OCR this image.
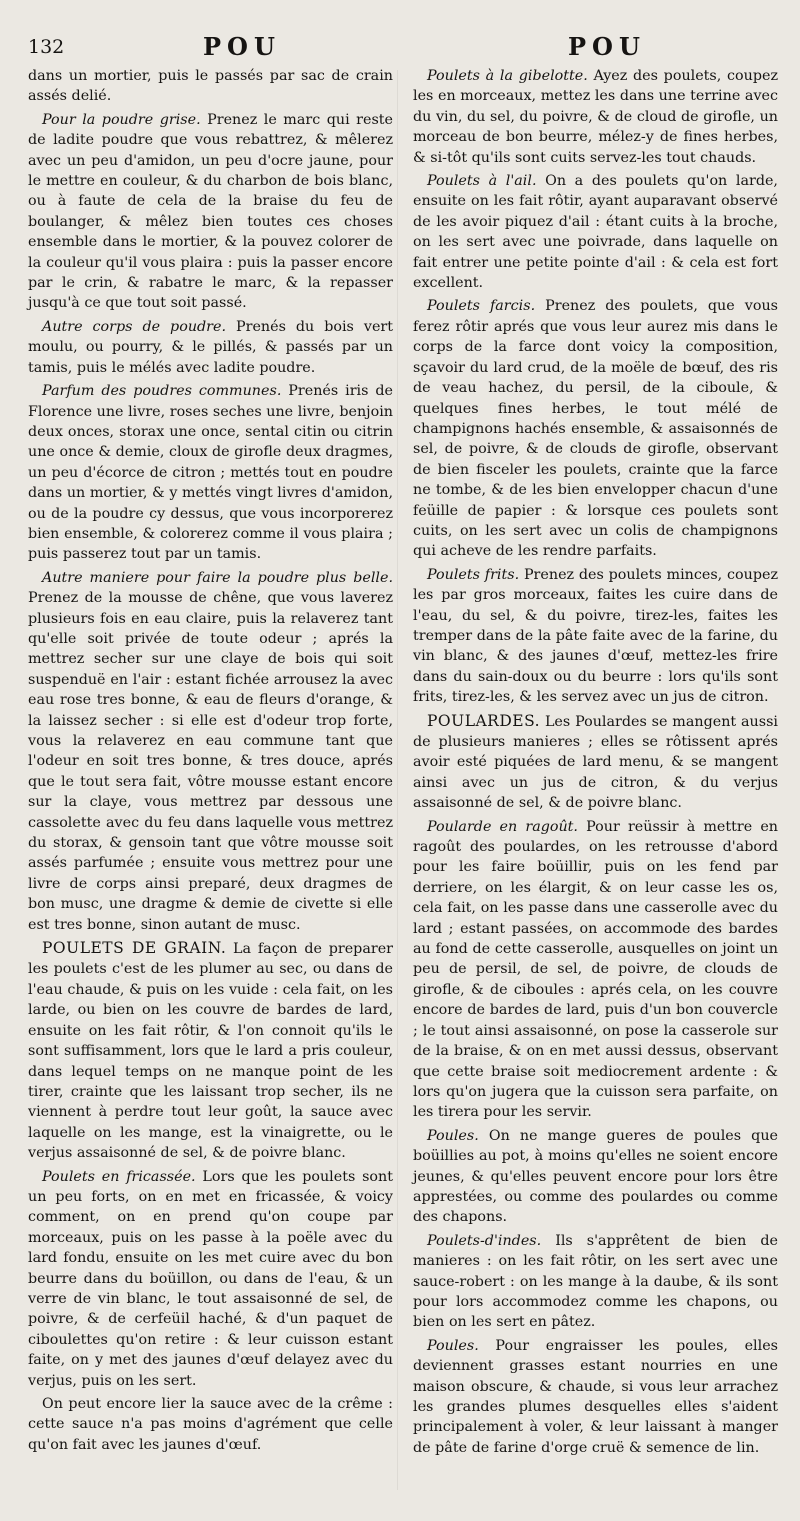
132	POU	POU

dans un mortier, puis le passés par sac de crain assés delié.

Pour la poudre grise. Prenez le marc qui reste de ladite poudre que vous rebattrez, & mêlerez avec un peu d'amidon, un peu d'ocre jaune, pour le mettre en couleur, & du charbon de bois blanc, ou à faute de cela de la braise du feu de boulanger, & mêlez bien toutes ces choses ensemble dans le mortier, & la pouvez colorer de la couleur qu'il vous plaira : puis la passer encore par le crin, & rabatre le marc, & la repasser jusqu'à ce que tout soit passé.

Autre corps de poudre. Prenés du bois vert moulu, ou pourry, & le pillés, & passés par un tamis, puis le mélés avec ladite poudre.

Parfum des poudres communes. Prenés iris de Florence une livre, roses seches une livre, benjoin deux onces, storax une once, sental citin ou citrin une once & demie, cloux de girofle deux dragmes, un peu d'écorce de citron ; mettés tout en poudre dans un mortier, & y mettés vingt livres d'amidon, ou de la poudre cy dessus, que vous incorporerez bien ensemble, & colorerez comme il vous plaira ; puis passerez tout par un tamis.

Autre maniere pour faire la poudre plus belle. Prenez de la mousse de chêne, que vous laverez plusieurs fois en eau claire, puis la relaverez tant qu'elle soit privée de toute odeur ; aprés la mettrez secher sur une claye de bois qui soit suspenduë en l'air : estant fichée arrousez la avec eau rose tres bonne, & eau de fleurs d'orange, & la laissez secher : si elle est d'odeur trop forte, vous la relaverez en eau commune tant que l'odeur en soit tres bonne, & tres douce, aprés que le tout sera fait, vôtre mousse estant encore sur la claye, vous mettrez par dessous une cassolette avec du feu dans laquelle vous mettrez du storax, & gensoin tant que vôtre mousse soit assés parfumée ; ensuite vous mettrez pour une livre de corps ainsi preparé, deux dragmes de bon musc, une dragme & demie de civette si elle est tres bonne, sinon autant de musc.

POULETS DE GRAIN. La façon de preparer les poulets c'est de les plumer au sec, ou dans de l'eau chaude, & puis on les vuide : cela fait, on les larde, ou bien on les couvre de bardes de lard, ensuite on les fait rôtir, & l'on connoit qu'ils le sont suffisamment, lors que le lard a pris couleur, dans lequel temps on ne manque point de les tirer, crainte que les laissant trop secher, ils ne viennent à perdre tout leur goût, la sauce avec laquelle on les mange, est la vinaigrette, ou le verjus assaisonné de sel, & de poivre blanc.

Poulets en fricassée. Lors que les poulets sont un peu forts, on en met en fricassée, & voicy comment, on en prend qu'on coupe par morceaux, puis on les passe à la poële avec du lard fondu, ensuite on les met cuire avec du bon beurre dans du boüillon, ou dans de l'eau, & un verre de vin blanc, le tout assaisonné de sel, de poivre, & de cerfeüil haché, & d'un paquet de ciboulettes qu'on retire : & leur cuisson estant faite, on y met des jaunes d'œuf delayez avec du verjus, puis on les sert.

On peut encore lier la sauce avec de la crême : cette sauce n'a pas moins d'agrément que celle qu'on fait avec les jaunes d'œuf.

Poulets à la gibelotte. Ayez des poulets, coupez les en morceaux, mettez les dans une terrine avec du vin, du sel, du poivre, & de cloud de girofle, un morceau de bon beurre, mélez-y de fines herbes, & si-tôt qu'ils sont cuits servez-les tout chauds.

Poulets à l'ail. On a des poulets qu'on larde, ensuite on les fait rôtir, ayant auparavant observé de les avoir piquez d'ail : étant cuits à la broche, on les sert avec une poivrade, dans laquelle on fait entrer une petite pointe d'ail : & cela est fort excellent.

Poulets farcis. Prenez des poulets, que vous ferez rôtir aprés que vous leur aurez mis dans le corps de la farce dont voicy la composition, sçavoir du lard crud, de la moële de bœuf, des ris de veau hachez, du persil, de la ciboule, & quelques fines herbes, le tout mélé de champignons hachés ensemble, & assaisonnés de sel, de poivre, & de clouds de girofle, observant de bien fisceler les poulets, crainte que la farce ne tombe, & de les bien envelopper chacun d'une feüille de papier : & lorsque ces poulets sont cuits, on les sert avec un colis de champignons qui acheve de les rendre parfaits.

Poulets frits. Prenez des poulets minces, coupez les par gros morceaux, faites les cuire dans de l'eau, du sel, & du poivre, tirez-les, faites les tremper dans de la pâte faite avec de la farine, du vin blanc, & des jaunes d'œuf, mettez-les frire dans du sain-doux ou du beurre : lors qu'ils sont frits, tirez-les, & les servez avec un jus de citron.

POULARDES. Les Poulardes se mangent aussi de plusieurs manieres ; elles se rôtissent aprés avoir esté piquées de lard menu, & se mangent ainsi avec un jus de citron, & du verjus assaisonné de sel, & de poivre blanc.

Poularde en ragoût. Pour reüssir à mettre en ragoût des poulardes, on les retrousse d'abord pour les faire boüillir, puis on les fend par derriere, on les élargit, & on leur casse les os, cela fait, on les passe dans une casserolle avec du lard ; estant passées, on accommode des bardes au fond de cette casserolle, ausquelles on joint un peu de persil, de sel, de poivre, de clouds de girofle, & de ciboules : aprés cela, on les couvre encore de bardes de lard, puis d'un bon couvercle ; le tout ainsi assaisonné, on pose la casserole sur de la braise, & on en met aussi dessus, observant que cette braise soit mediocrement ardente : & lors qu'on jugera que la cuisson sera parfaite, on les tirera pour les servir.

Poules. On ne mange gueres de poules que boüillies au pot, à moins qu'elles ne soient encore jeunes, & qu'elles peuvent encore pour lors être apprestées, ou comme des poulardes ou comme des chapons.

Poulets-d'indes. Ils s'apprêtent de bien de manieres : on les fait rôtir, on les sert avec une sauce-robert : on les mange à la daube, & ils sont pour lors accommodez comme les chapons, ou bien on les sert en pâtez.

Poules. Pour engraisser les poules, elles deviennent grasses estant nourries en une maison obscure, & chaude, si vous leur arrachez les grandes plumes desquelles elles s'aident principalement à voler, & leur laissant à manger de pâte de farine d'orge cruë & semence de lin.
